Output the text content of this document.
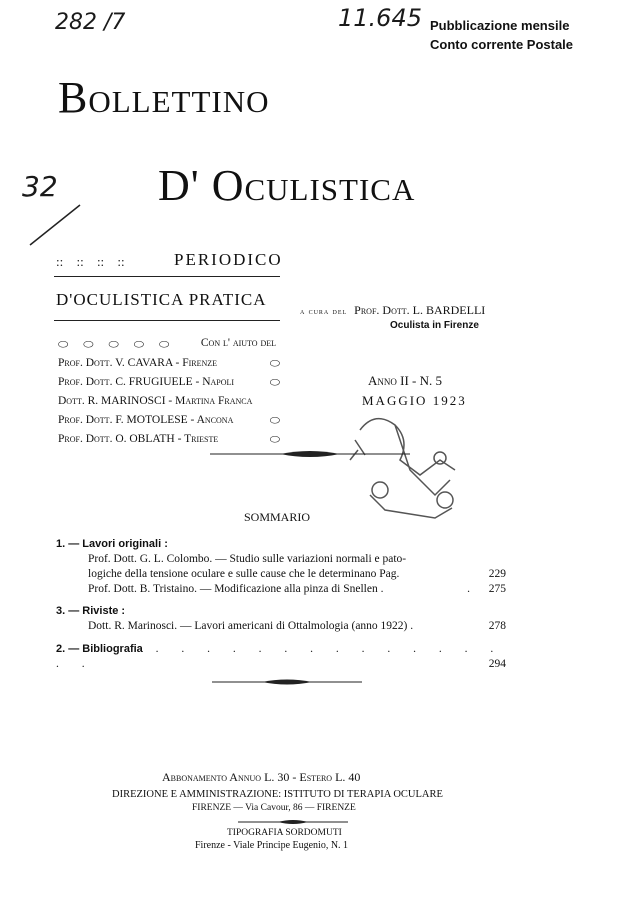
282 /7	11.645
32
Pubblicazione mensile
Conto corrente Postale
Bollettino
D' Oculistica
:: :: :: ::	PERIODICO
D'OCULISTICA PRATICA
a cura del Prof. Dott. L. BARDELLI
Oculista in Firenze
⬭ ⬭ ⬭ ⬭ ⬭ Con l' aiuto del
Prof. Dott. V. CAVARA - Firenze	⬭
Prof. Dott. C. FRUGIUELE - Napoli	⬭
Dott. R. MARINOSCI - Martina Franca
Prof. Dott. F. MOTOLESE - Ancona	⬭
Prof. Dott. O. OBLATH - Trieste	⬭
Anno II - N. 5
MAGGIO 1923
SOMMARIO
1. — Lavori originali :
Prof. Dott. G. L. Colombo. — Studio sulle variazioni normali e pato-
logiche della tensione oculare e sulle cause che le determinano Pag.	229
Prof. Dott. B. Tristaino. — Modificazione alla pinza di Snellen .	. 275
3. — Riviste :
Dott. R. Marinosci. — Lavori americani di Ottalmologia (anno 1922) .	278
2. — Bibliografia . . . . . . . . . . . . . . . .	294
Abbonamento Annuo L. 30 - Estero L. 40
DIREZIONE E AMMINISTRAZIONE: ISTITUTO DI TERAPIA OCULARE
FIRENZE — Via Cavour, 86 — FIRENZE
TIPOGRAFIA SORDOMUTI
Firenze - Viale Principe Eugenio, N. 1
